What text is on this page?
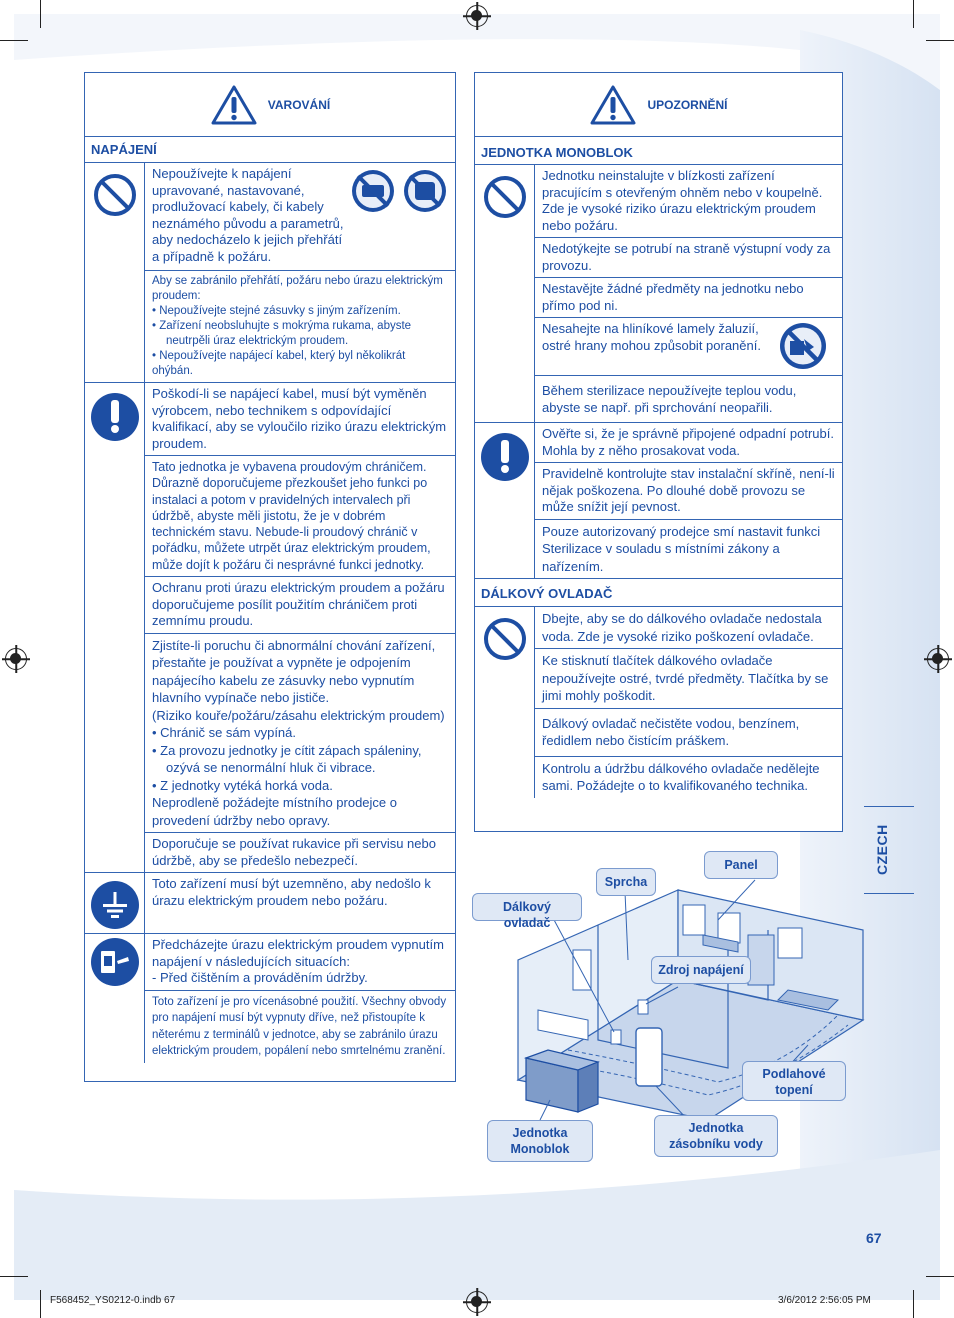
VAROVÁNÍ
NAPÁJENÍ
Nepoužívejte k napájení upravované, nastavované, prodlužovací kabely, či kabely neznámého původu a parametrů, aby nedocházelo k jejich přehřátí a případně k požáru.
Aby se zabránilo přehřátí, požáru nebo úrazu elektrickým proudem:
• Nepoužívejte stejné zásuvky s jiným zařízením.
• Zařízení neobsluhujte s mokrýma rukama, abyste neutrpěli úraz elektrickým proudem.
• Nepoužívejte napájecí kabel, který byl několikrát ohýbán.
Poškodí-li se napájecí kabel, musí být vyměněn výrobcem, nebo technikem s odpovídající kvalifikací, aby se vyloučilo riziko úrazu elektrickým proudem.
Tato jednotka je vybavena proudovým chráničem. Důrazně doporučujeme přezkoušet jeho funkci po instalaci a potom v pravidelných intervalech při údržbě, abyste měli jistotu, že je v dobrém technickém stavu. Nebude-li proudový chránič v pořádku, můžete utrpět úraz elektrickým proudem, může dojít k požáru či nesprávné funkci jednotky.
Ochranu proti úrazu elektrickým proudem a požáru doporučujeme posílit použitím chráničem proti zemnímu proudu.
Zjistíte-li poruchu či abnormální chování zařízení, přestaňte je používat a vypněte je odpojením napájecího kabelu ze zásuvky nebo vypnutím hlavního vypínače nebo jističe.
(Riziko kouře/požáru/zásahu elektrickým proudem)
• Chránič se sám vypíná.
• Za provozu jednotky je cítit zápach spáleniny, ozývá se nenormální hluk či vibrace.
• Z jednotky vytéká horká voda.
Neprodleně požádejte místního prodejce o provedení údržby nebo opravy.
Doporučuje se používat rukavice při servisu nebo údržbě, aby se předešlo nebezpečí.
Toto zařízení musí být uzemněno, aby nedošlo k úrazu elektrickým proudem nebo požáru.
Předcházejte úrazu elektrickým proudem vypnutím napájení v následujících situacích:
- Před čištěním a prováděním údržby.
Toto zařízení je pro vícenásobné použití. Všechny obvody pro napájení musí být vypnuty dříve, než přistoupíte k něterému z terminálů v jednotce, aby se zabránilo úrazu elektrickým proudem, popálení nebo smrtelnému zranění.
UPOZORNĚNÍ
JEDNOTKA MONOBLOK
Jednotku neinstalujte v blízkosti zařízení pracujícím s otevřeným ohněm nebo v koupelně. Zde je vysoké riziko úrazu elektrickým proudem nebo požáru.
Nedotýkejte se potrubí na straně výstupní vody za provozu.
Nestavějte žádné předměty na jednotku nebo přímo pod ni.
Nesahejte na hliníkové lamely žaluzií, ostré hrany mohou způsobit poranění.
Během sterilizace nepoužívejte teplou vodu, abyste se např. při sprchování neopařili.
Ověřte si, že je správně připojené odpadní potrubí. Mohla by z něho prosakovat voda.
Pravidelně kontrolujte stav instalační skříně, není-li nějak poškozena. Po dlouhé době provozu se může snížit její pevnost.
Pouze autorizovaný prodejce smí nastavit funkci Sterilizace v souladu s místními zákony a nařízením.
DÁLKOVÝ OVLADAČ
Dbejte, aby se do dálkového ovladače nedostala voda. Zde je vysoké riziko poškození ovladače.
Ke stisknutí tlačítek dálkového ovladače nepoužívejte ostré, tvrdé předměty. Tlačítka by se jimi mohly poškodit.
Dálkový ovladač nečistěte vodou, benzínem, ředidlem nebo čistícím práškem.
Kontrolu a údržbu dálkového ovladače nedělejte sami. Požádejte o to kvalifikovaného technika.
CZECH
Panel
Sprcha
Dálkový ovladač
Zdroj napájení
Podlahové topení
Jednotka Monoblok
Jednotka zásobníku vody
67
F568452_YS0212-0.indb 67	3/6/2012 2:56:05 PM
